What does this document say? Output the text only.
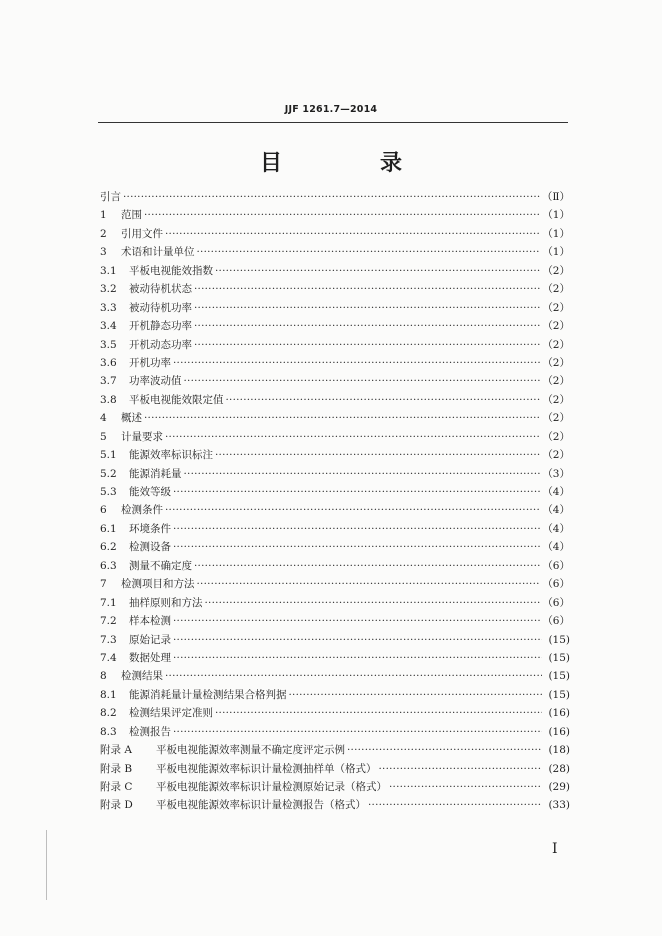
JJF 1261.7—2014
目　录
引言 ·····	（Ⅱ）
1	范围 ·····	（1）
2	引用文件 ·····	（1）
3	术语和计量单位 ·····	（1）
3.1	平板电视能效指数 ·····	（2）
3.2	被动待机状态 ·····	（2）
3.3	被动待机功率 ·····	（2）
3.4	开机静态功率 ·····	（2）
3.5	开机动态功率 ·····	（2）
3.6	开机功率 ·····	（2）
3.7	功率波动值 ·····	（2）
3.8	平板电视能效限定值 ·····	（2）
4	概述 ·····	（2）
5	计量要求 ·····	（2）
5.1	能源效率标识标注 ·····	（2）
5.2	能源消耗量 ·····	（3）
5.3	能效等级 ·····	（4）
6	检测条件 ·····	（4）
6.1	环境条件 ·····	（4）
6.2	检测设备 ·····	（4）
6.3	测量不确定度 ·····	（6）
7	检测项目和方法 ·····	（6）
7.1	抽样原则和方法 ·····	（6）
7.2	样本检测 ·····	（6）
7.3	原始记录 ·····	(15)
7.4	数据处理 ·····	(15)
8	检测结果 ·····	(15)
8.1	能源消耗量计量检测结果合格判据 ·····	(15)
8.2	检测结果评定准则 ·····	(16)
8.3	检测报告 ·····	(16)
附录 A	平板电视能源效率测量不确定度评定示例 ·····	(18)
附录 B	平板电视能源效率标识计量检测抽样单（格式） ·····	(28)
附录 C	平板电视能源效率标识计量检测原始记录（格式） ·····	(29)
附录 D	平板电视能源效率标识计量检测报告（格式） ·····	(33)
I
